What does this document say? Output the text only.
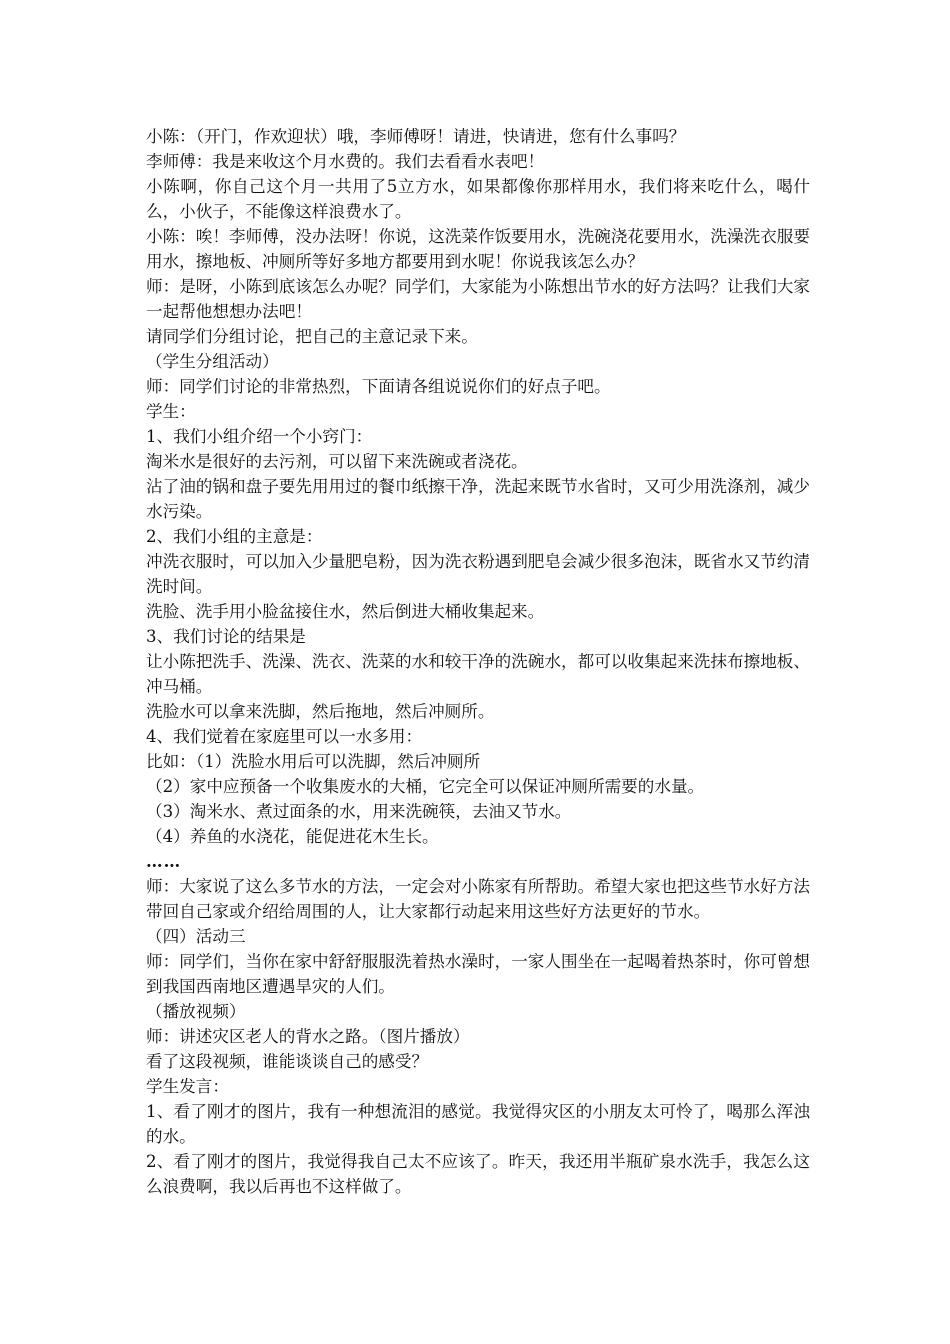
小陈：（开门，作欢迎状）哦，李师傅呀！请进，快请进，您有什么事吗？

李师傅：我是来收这个月水费的。我们去看看水表吧！

小陈啊，你自己这个月一共用了5立方水，如果都像你那样用水，我们将来吃什么，喝什么，小伙子，不能像这样浪费水了。

小陈：唉！李师傅，没办法呀！你说，这洗菜作饭要用水，洗碗浇花要用水，洗澡洗衣服要用水，擦地板、冲厕所等好多地方都要用到水呢！你说我该怎么办？

师：是呀，小陈到底该怎么办呢？同学们，大家能为小陈想出节水的好方法吗？让我们大家一起帮他想想办法吧！

请同学们分组讨论，把自己的主意记录下来。

（学生分组活动）

师：同学们讨论的非常热烈，下面请各组说说你们的好点子吧。

学生：

1、我们小组介绍一个小窍门：

淘米水是很好的去污剂，可以留下来洗碗或者浇花。

沾了油的锅和盘子要先用用过的餐巾纸擦干净，洗起来既节水省时，又可少用洗涤剂，减少水污染。

2、我们小组的主意是：

冲洗衣服时，可以加入少量肥皂粉，因为洗衣粉遇到肥皂会减少很多泡沫，既省水又节约清洗时间。

洗脸、洗手用小脸盆接住水，然后倒进大桶收集起来。

3、我们讨论的结果是

让小陈把洗手、洗澡、洗衣、洗菜的水和较干净的洗碗水，都可以收集起来洗抹布擦地板、冲马桶。

洗脸水可以拿来洗脚，然后拖地，然后冲厕所。

4、我们觉着在家庭里可以一水多用：

比如：（1）洗脸水用后可以洗脚，然后冲厕所

（2）家中应预备一个收集废水的大桶，它完全可以保证冲厕所需要的水量。

（3）淘米水、煮过面条的水，用来洗碗筷，去油又节水。

（4）养鱼的水浇花，能促进花木生长。

……

师：大家说了这么多节水的方法，一定会对小陈家有所帮助。希望大家也把这些节水好方法带回自己家或介绍给周围的人，让大家都行动起来用这些好方法更好的节水。

（四）活动三

师：同学们，当你在家中舒舒服服洗着热水澡时，一家人围坐在一起喝着热茶时，你可曾想到我国西南地区遭遇旱灾的人们。

（播放视频）

师：讲述灾区老人的背水之路。（图片播放）

看了这段视频，谁能谈谈自己的感受？

学生发言：

1、看了刚才的图片，我有一种想流泪的感觉。我觉得灾区的小朋友太可怜了，喝那么浑浊的水。

2、看了刚才的图片，我觉得我自己太不应该了。昨天，我还用半瓶矿泉水洗手，我怎么这么浪费啊，我以后再也不这样做了。
